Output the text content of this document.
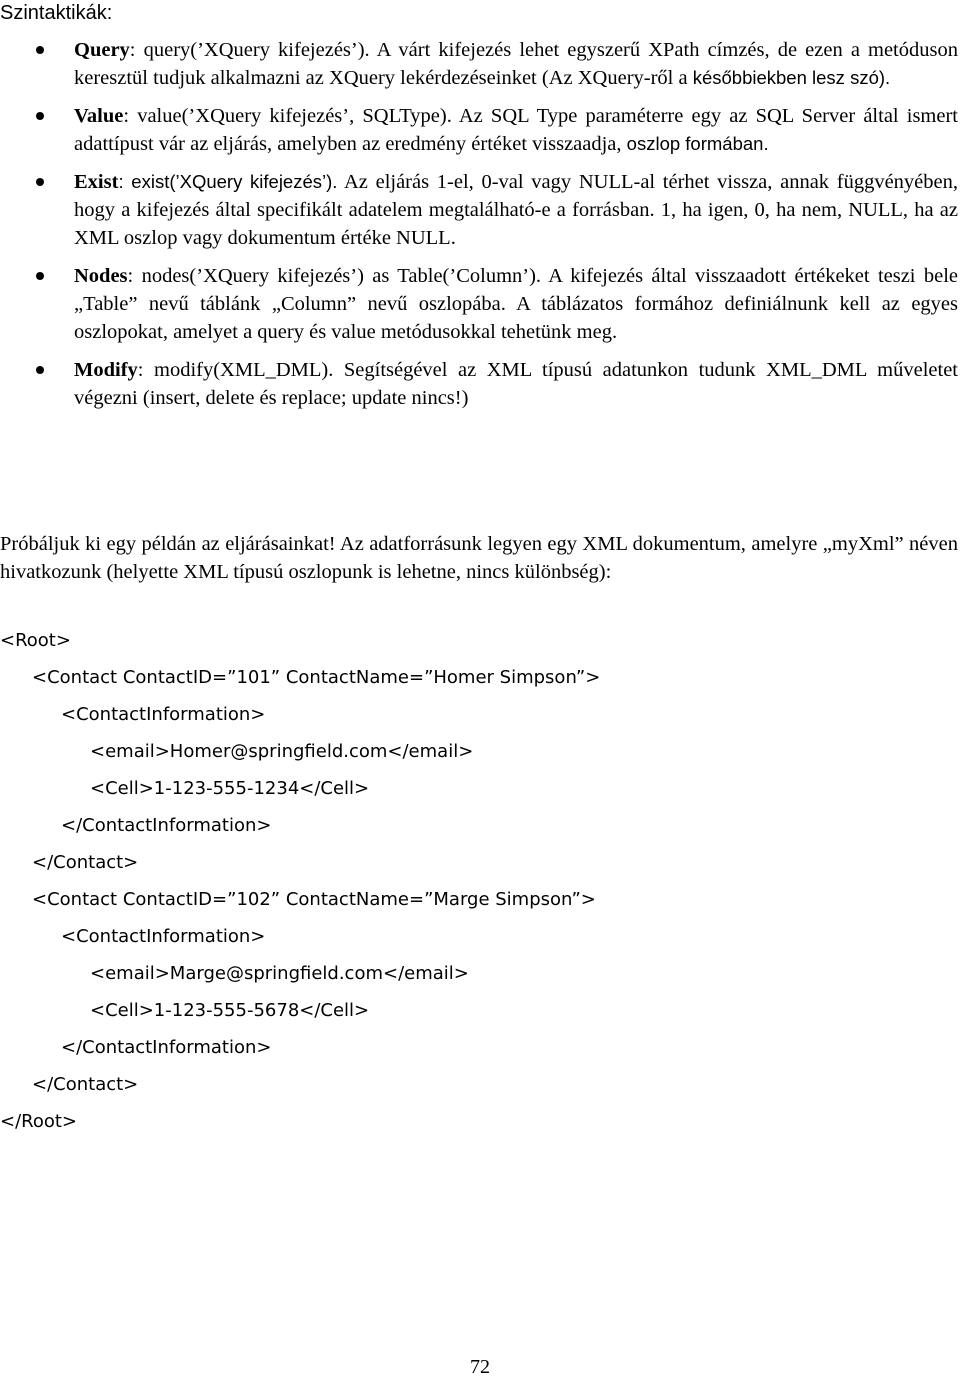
Szintaktikák:
Query: query(’XQuery kifejezés’). A várt kifejezés lehet egyszerű XPath címzés, de ezen a metóduson keresztül tudjuk alkalmazni az XQuery lekérdezéseinket (Az XQuery-ről a későbbiekben lesz szó).
Value: value(’XQuery kifejezés’, SQLType). Az SQL Type paraméterre egy az SQL Server által ismert adattípust vár az eljárás, amelyben az eredmény értéket visszaadja, oszlop formában.
Exist: exist(’XQuery kifejezés’). Az eljárás 1-el, 0-val vagy NULL-al térhet vissza, annak függvényében, hogy a kifejezés által specifikált adatelem megtalálható-e a forrásban. 1, ha igen, 0, ha nem, NULL, ha az XML oszlop vagy dokumentum értéke NULL.
Nodes: nodes(’XQuery kifejezés’) as Table(’Column’). A kifejezés által visszaadott értékeket teszi bele „Table” nevű táblánk „Column” nevű oszlopába. A táblázatos formához definiálnunk kell az egyes oszlopokat, amelyet a query és value metódusokkal tehetünk meg.
Modify: modify(XML_DML). Segítségével az XML típusú adatunkon tudunk XML_DML műveletet végezni (insert, delete és replace; update nincs!)
Próbáljuk ki egy példán az eljárásainkat! Az adatforrásunk legyen egy XML dokumentum, amelyre „myXml” néven hivatkozunk (helyette XML típusú oszlopunk is lehetne, nincs különbség):
<Root>
<Contact ContactID=”101” ContactName=”Homer Simpson”>
<ContactInformation>
<email>Homer@springfield.com</email>
<Cell>1-123-555-1234</Cell>
</ContactInformation>
</Contact>
<Contact ContactID=”102” ContactName=”Marge Simpson”>
<ContactInformation>
<email>Marge@springfield.com</email>
<Cell>1-123-555-5678</Cell>
</ContactInformation>
</Contact>
</Root>
72
